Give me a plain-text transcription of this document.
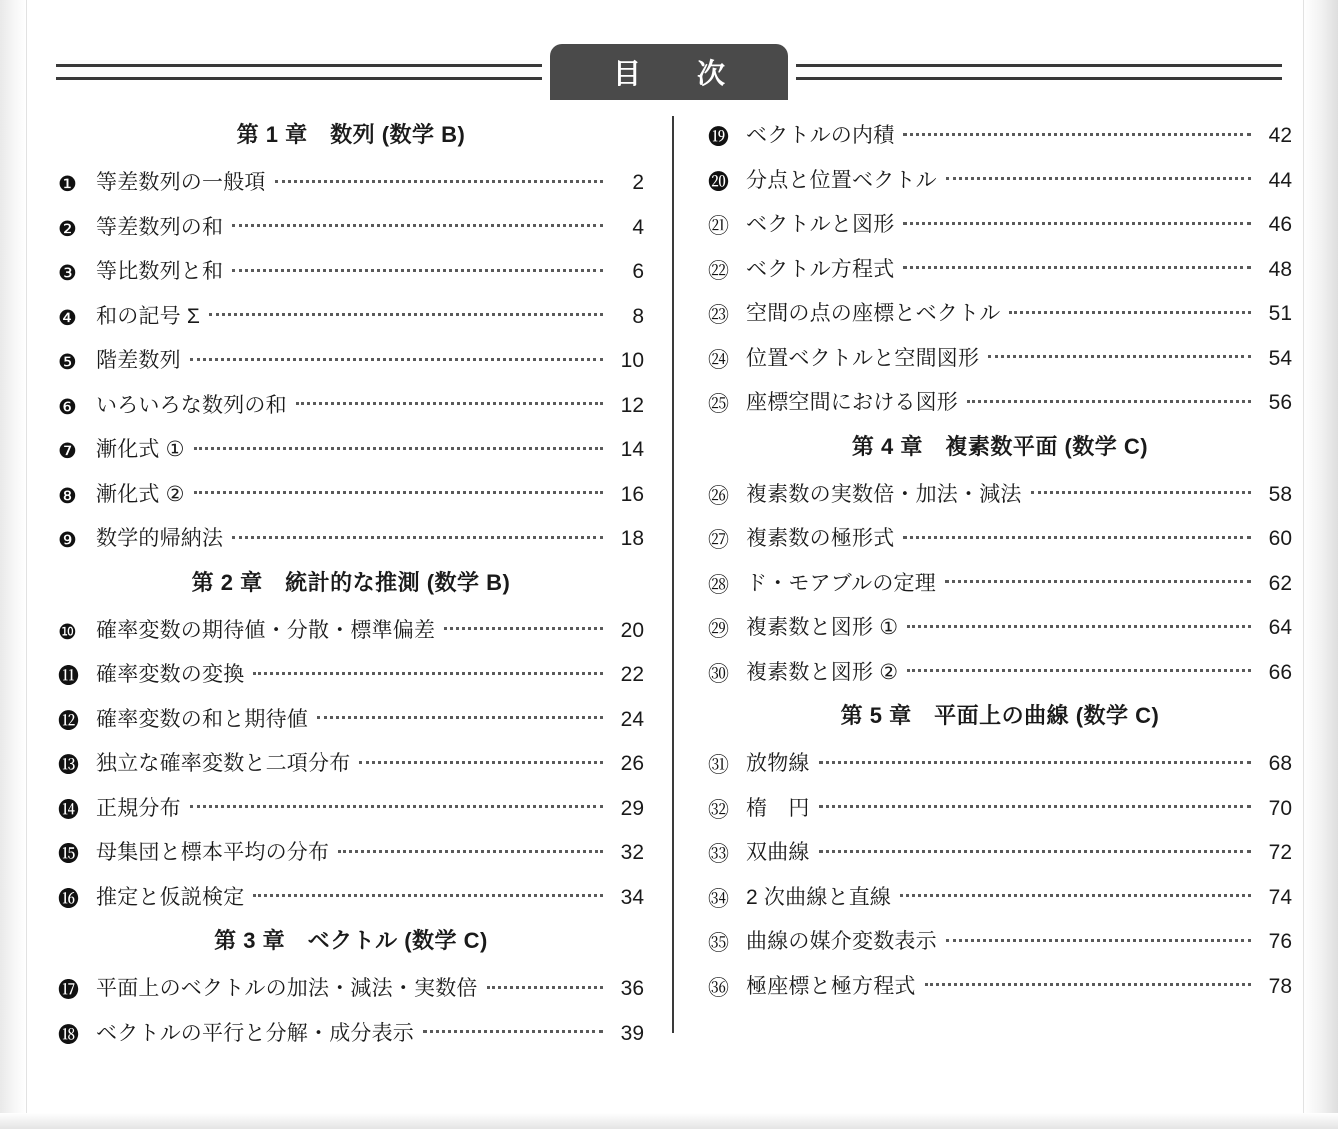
目　次
第 1 章　数列 (数学 B)
❶ 等差数列の一般項	2
❷ 等差数列の和	4
❸ 等比数列と和	6
❹ 和の記号 Σ	8
❺ 階差数列	10
❻ いろいろな数列の和	12
❼ 漸化式 ①	14
❽ 漸化式 ②	16
❾ 数学的帰納法	18
第 2 章　統計的な推測 (数学 B)
❿ 確率変数の期待値・分散・標準偏差	20
⓫ 確率変数の変換	22
⓬ 確率変数の和と期待値	24
⓭ 独立な確率変数と二項分布	26
⓮ 正規分布	29
⓯ 母集団と標本平均の分布	32
⓰ 推定と仮説検定	34
第 3 章　ベクトル (数学 C)
⓱ 平面上のベクトルの加法・減法・実数倍	36
⓲ ベクトルの平行と分解・成分表示	39
⓳ ベクトルの内積	42
⓴ 分点と位置ベクトル	44
㉑ ベクトルと図形	46
㉒ ベクトル方程式	48
㉓ 空間の点の座標とベクトル	51
㉔ 位置ベクトルと空間図形	54
㉕ 座標空間における図形	56
第 4 章　複素数平面 (数学 C)
㉖ 複素数の実数倍・加法・減法	58
㉗ 複素数の極形式	60
㉘ ド・モアブルの定理	62
㉙ 複素数と図形 ①	64
㉚ 複素数と図形 ②	66
第 5 章　平面上の曲線 (数学 C)
㉛ 放物線	68
㉜ 楕　円	70
㉝ 双曲線	72
㉞ 2 次曲線と直線	74
㉟ 曲線の媒介変数表示	76
㊱ 極座標と極方程式	78
